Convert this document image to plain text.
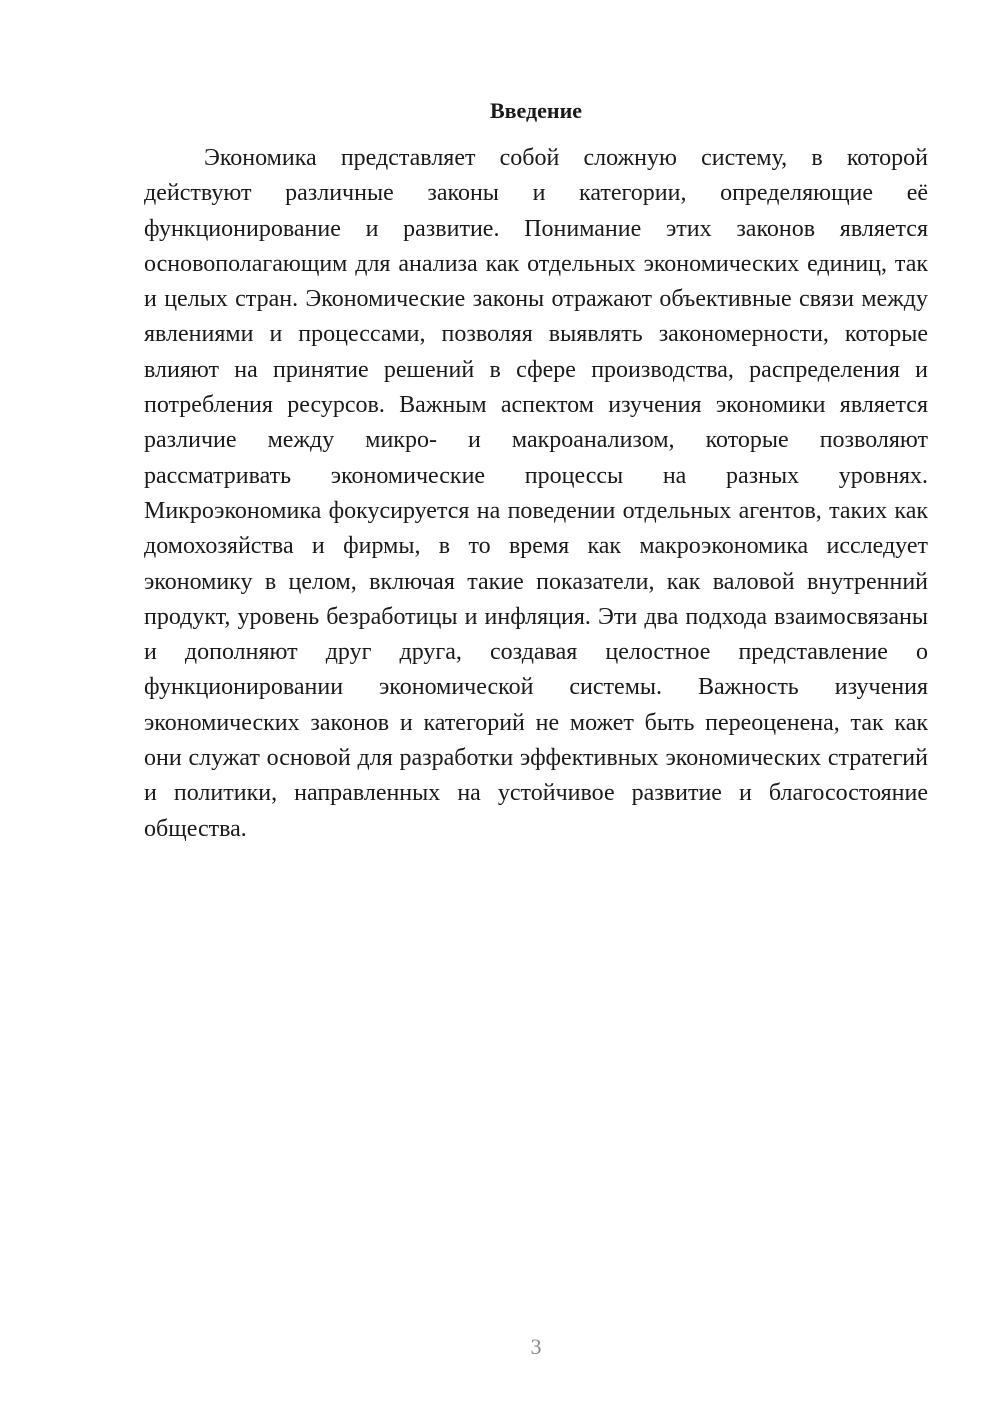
Введение

Экономика представляет собой сложную систему, в которой действуют различные законы и категории, определяющие её функционирование и развитие. Понимание этих законов является основополагающим для анализа как отдельных экономических единиц, так и целых стран. Экономические законы отражают объективные связи между явлениями и процессами, позволяя выявлять закономерности, которые влияют на принятие решений в сфере производства, распределения и потребления ресурсов. Важным аспектом изучения экономики является различие между микро- и макроанализом, которые позволяют рассматривать экономические процессы на разных уровнях. Микроэкономика фокусируется на поведении отдельных агентов, таких как домохозяйства и фирмы, в то время как макроэкономика исследует экономику в целом, включая такие показатели, как валовой внутренний продукт, уровень безработицы и инфляция. Эти два подхода взаимосвязаны и дополняют друг друга, создавая целостное представление о функционировании экономической системы. Важность изучения экономических законов и категорий не может быть переоценена, так как они служат основой для разработки эффективных экономических стратегий и политики, направленных на устойчивое развитие и благосостояние общества.

3
